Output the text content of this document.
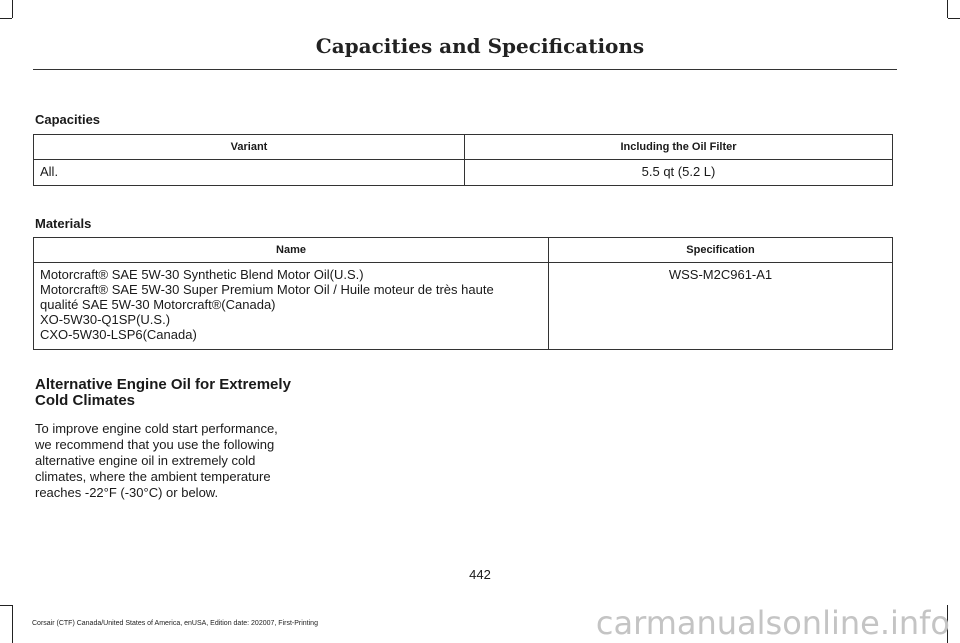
Capacities and Specifications
Capacities
Variant	Including the Oil Filter
All.	5.5 qt (5.2 L)
Materials
Name	Specification

Motorcraft® SAE 5W-30 Synthetic Blend Motor Oil(U.S.)
Motorcraft® SAE 5W-30 Super Premium Motor Oil / Huile moteur de très haute
qualité SAE 5W-30 Motorcraft®(Canada)
XO-5W30-Q1SP(U.S.)
CXO-5W30-LSP6(Canada)	WSS-M2C961-A1
Alternative Engine Oil for Extremely
Cold Climates
To improve engine cold start performance,
we recommend that you use the following
alternative engine oil in extremely cold
climates, where the ambient temperature
reaches -22°F (-30°C) or below.
442
Corsair (CTF) Canada/United States of America, enUSA, Edition date: 202007, First-Printing	carmanualsonline.info
